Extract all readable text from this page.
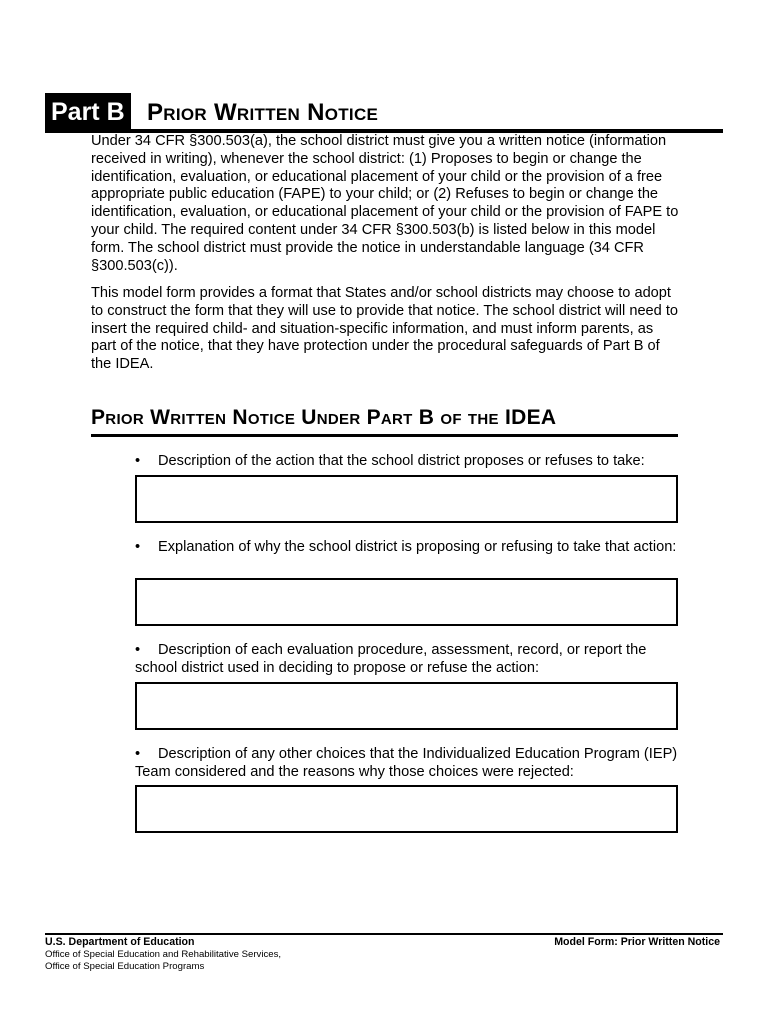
Part B Prior Written Notice

Under 34 CFR §300.503(a), the school district must give you a written notice (information received in writing), whenever the school district: (1) Proposes to begin or change the identification, evaluation, or educational placement of your child or the provision of a free appropriate public education (FAPE) to your child; or (2) Refuses to begin or change the identification, evaluation, or educational placement of your child or the provision of FAPE to your child. The required content under 34 CFR §300.503(b) is listed below in this model form. The school district must provide the notice in understandable language (34 CFR §300.503(c)).

This model form provides a format that States and/or school districts may choose to adopt to construct the form that they will use to provide that notice. The school district will need to insert the required child- and situation-specific information, and must inform parents, as part of the notice, that they have protection under the procedural safeguards of Part B of the IDEA.

Prior Written Notice Under Part B of the IDEA
• Description of the action that the school district proposes or refuses to take:
• Explanation of why the school district is proposing or refusing to take that action:
• Description of each evaluation procedure, assessment, record, or report the school district used in deciding to propose or refuse the action:
• Description of any other choices that the Individualized Education Program (IEP) Team considered and the reasons why those choices were rejected:
U.S. Department of Education
Office of Special Education and Rehabilitative Services,
Office of Special Education Programs
Model Form: Prior Written Notice
